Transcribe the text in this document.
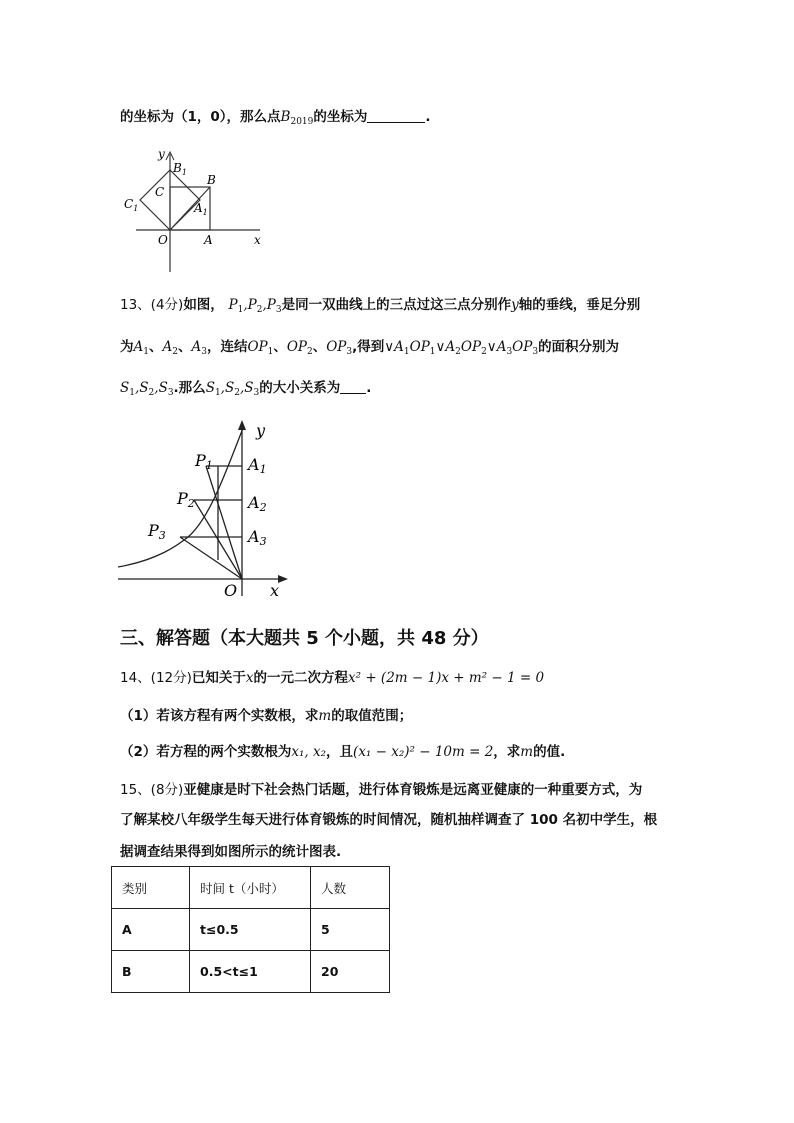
的坐标为（1，0），那么点$B_{2019}$的坐标为	.
y
x
O	A
B
C
$B_1$
$A_1$
$C_1$
13、(4分)如图， $P_1,P_2,P_3$是同一双曲线上的三点过这三点分别作y轴的垂线，垂足分别
为$A_1$、$A_2$、$A_3$，连结$OP_1$、$OP_2$、$OP_3$,得到$\vee A_1OP_1\vee A_2OP_2\vee A_3OP_3$的面积分别为
$S_1,S_2,S_3$.那么$S_1,S_2,S_3$的大小关系为 .
y
x
O
P1
P2
P3
A1
A2
A3
三、解答题（本大题共 5 个小题，共 48 分）
14、(12分)已知关于x的一元二次方程x² + (2m − 1)x + m² − 1 = 0
（1）若该方程有两个实数根，求m的取值范围；
（2）若方程的两个实数根为x₁, x₂，且(x₁ − x₂)² − 10m = 2，求m的值.
15、(8分)亚健康是时下社会热门话题，进行体育锻炼是远离亚健康的一种重要方式，为
了解某校八年级学生每天进行体育锻炼的时间情况，随机抽样调查了 100 名初中学生，根
据调查结果得到如图所示的统计图表.
类别	时间 t（小时）	人数
A	t≤0.5	5
B	0.5<t≤1	20
